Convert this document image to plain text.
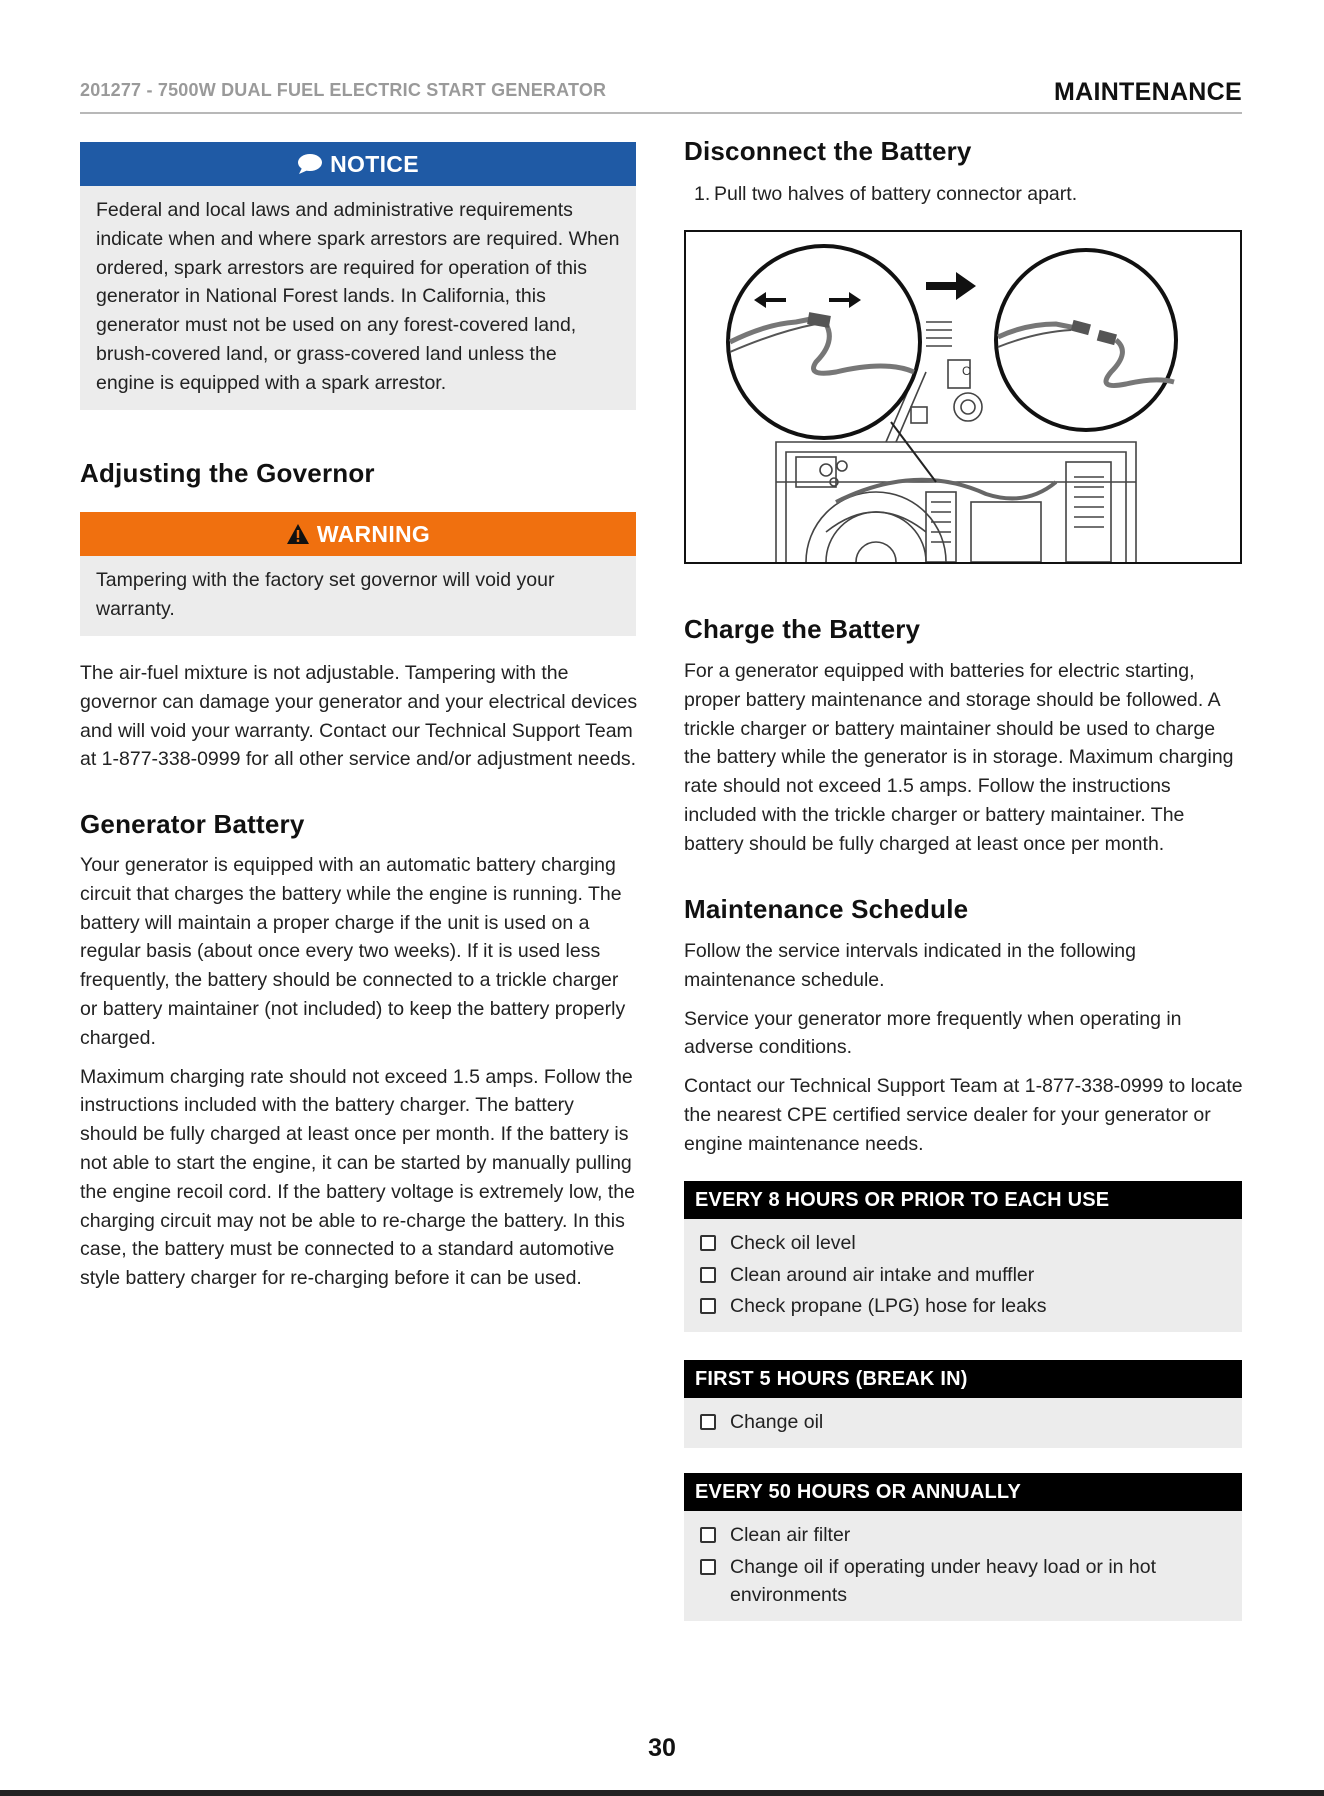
201277 - 7500W DUAL FUEL ELECTRIC START GENERATOR	MAINTENANCE
NOTICE
Federal and local laws and administrative requirements indicate when and where spark arrestors are required. When ordered, spark arrestors are required for operation of this generator in National Forest lands. In California, this generator must not be used on any forest-covered land, brush-covered land, or grass-covered land unless the engine is equipped with a spark arrestor.
Adjusting the Governor
WARNING
Tampering with the factory set governor will void your warranty.

The air-fuel mixture is not adjustable. Tampering with the governor can damage your generator and your electrical devices and will void your warranty. Contact our Technical Support Team at 1-877-338-0999 for all other service and/or adjustment needs.

Generator Battery

Your generator is equipped with an automatic battery charging circuit that charges the battery while the engine is running. The battery will maintain a proper charge if the unit is used on a regular basis (about once every two weeks). If it is used less frequently, the battery should be connected to a trickle charger or battery maintainer (not included) to keep the battery properly charged.

Maximum charging rate should not exceed 1.5 amps. Follow the instructions included with the battery charger. The battery should be fully charged at least once per month. If the battery is not able to start the engine, it can be started by manually pulling the engine recoil cord. If the battery voltage is extremely low, the charging circuit may not be able to re-charge the battery. In this case, the battery must be connected to a standard automotive style battery charger for re-charging before it can be used.

Disconnect the Battery
1. Pull two halves of battery connector apart.
C
Charge the Battery

For a generator equipped with batteries for electric starting, proper battery maintenance and storage should be followed. A trickle charger or battery maintainer should be used to charge the battery while the generator is in storage. Maximum charging rate should not exceed 1.5 amps. Follow the instructions included with the trickle charger or battery maintainer. The battery should be fully charged at least once per month.

Maintenance Schedule

Follow the service intervals indicated in the following maintenance schedule.

Service your generator more frequently when operating in adverse conditions.

Contact our Technical Support Team at 1-877-338-0999 to locate the nearest CPE certified service dealer for your generator or engine maintenance needs.

EVERY 8 HOURS OR PRIOR TO EACH USE
Check oil level
Clean around air intake and muffler
Check propane (LPG) hose for leaks
FIRST 5 HOURS (BREAK IN)
Change oil
EVERY 50 HOURS OR ANNUALLY
Clean air filter
Change oil if operating under heavy load or in hot environments
30
